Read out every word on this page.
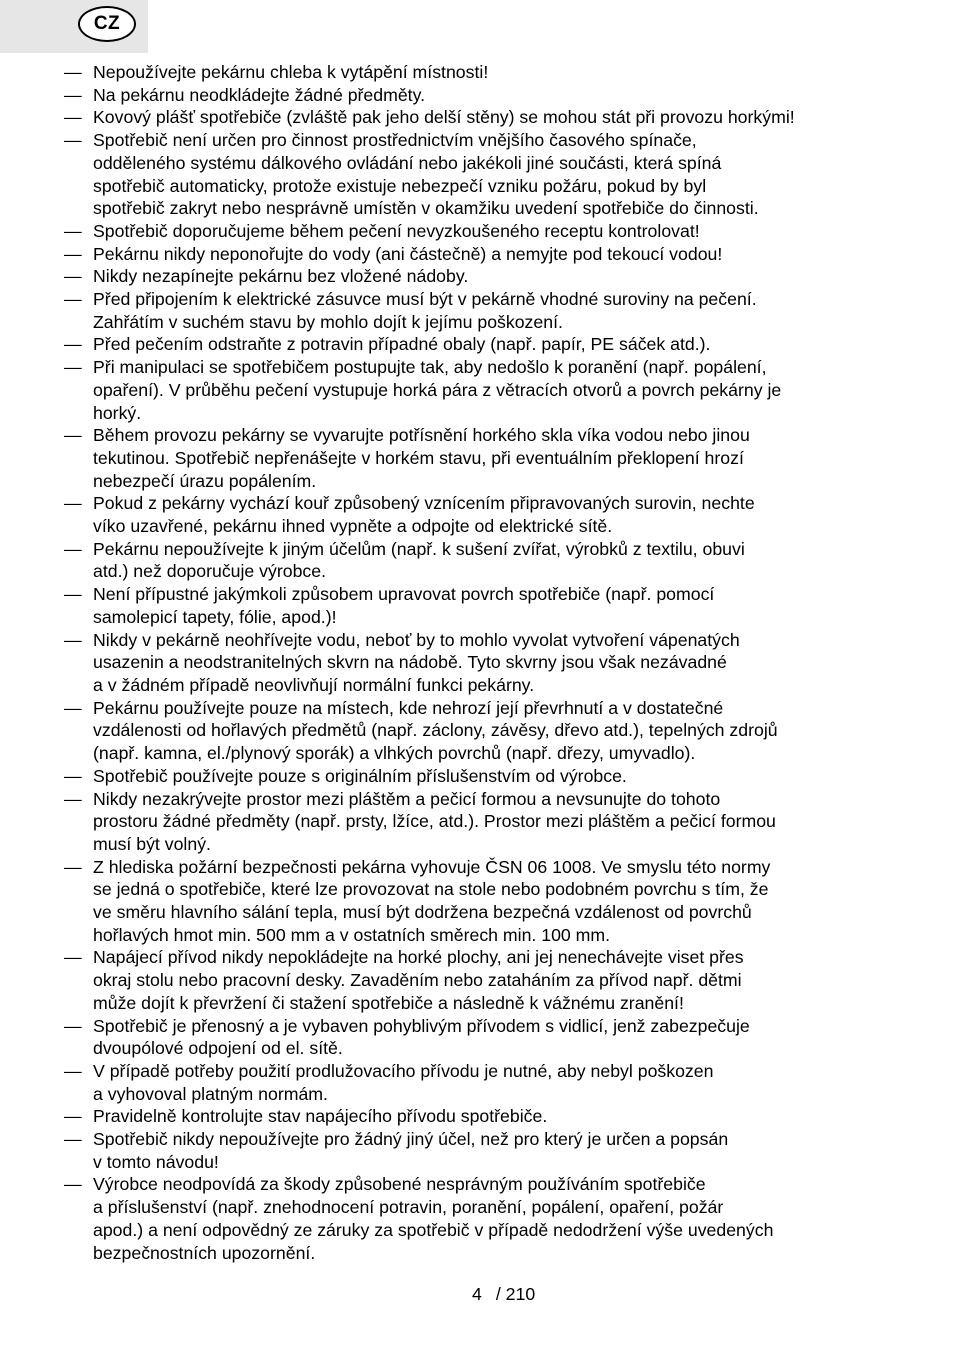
CZ
— Nepoužívejte pekárnu chleba k vytápění místnosti!
— Na pekárnu neodkládejte žádné předměty.
— Kovový plášť spotřebiče (zvláště pak jeho delší stěny) se mohou stát při provozu horkými!
— Spotřebič není určen pro činnost prostřednictvím vnějšího časového spínače,
odděleného systému dálkového ovládání nebo jakékoli jiné součásti, která spíná
spotřebič automaticky, protože existuje nebezpečí vzniku požáru, pokud by byl
spotřebič zakryt nebo nesprávně umístěn v okamžiku uvedení spotřebiče do činnosti.
— Spotřebič doporučujeme během pečení nevyzkoušeného receptu kontrolovat!
— Pekárnu nikdy neponořujte do vody (ani částečně) a nemyjte pod tekoucí vodou!
— Nikdy nezapínejte pekárnu bez vložené nádoby.
— Před připojením k elektrické zásuvce musí být v pekárně vhodné suroviny na pečení.
Zahřátím v suchém stavu by mohlo dojít k jejímu poškození.
— Před pečením odstraňte z potravin případné obaly (např. papír, PE sáček atd.).
— Při manipulaci se spotřebičem postupujte tak, aby nedošlo k poranění (např. popálení,
opaření). V průběhu pečení vystupuje horká pára z větracích otvorů a povrch pekárny je
horký.
— Během provozu pekárny se vyvarujte potřísnění horkého skla víka vodou nebo jinou
tekutinou. Spotřebič nepřenášejte v horkém stavu, při eventuálním překlopení hrozí
nebezpečí úrazu popálením.
— Pokud z pekárny vychází kouř způsobený vznícením připravovaných surovin, nechte
víko uzavřené, pekárnu ihned vypněte a odpojte od elektrické sítě.
— Pekárnu nepoužívejte k jiným účelům (např. k sušení zvířat, výrobků z textilu, obuvi
atd.) než doporučuje výrobce.
— Není přípustné jakýmkoli způsobem upravovat povrch spotřebiče (např. pomocí
samolepicí tapety, fólie, apod.)!
— Nikdy v pekárně neohřívejte vodu, neboť by to mohlo vyvolat vytvoření vápenatých
usazenin a neodstranitelných skvrn na nádobě. Tyto skvrny jsou však nezávadné
a v žádném případě neovlivňují normální funkci pekárny.
— Pekárnu používejte pouze na místech, kde nehrozí její převrhnutí a v dostatečné
vzdálenosti od hořlavých předmětů (např. záclony, závěsy, dřevo atd.), tepelných zdrojů
(např. kamna, el./plynový sporák) a vlhkých povrchů (např. dřezy, umyvadlo).
— Spotřebič používejte pouze s originálním příslušenstvím od výrobce.
— Nikdy nezakrývejte prostor mezi pláštěm a pečicí formou a nevsunujte do tohoto
prostoru žádné předměty (např. prsty, lžíce, atd.). Prostor mezi pláštěm a pečicí formou
musí být volný.
— Z hlediska požární bezpečnosti pekárna vyhovuje ČSN 06 1008. Ve smyslu této normy
se jedná o spotřebiče, které lze provozovat na stole nebo podobném povrchu s tím, že
ve směru hlavního sálání tepla, musí být dodržena bezpečná vzdálenost od povrchů
hořlavých hmot min. 500 mm a v ostatních směrech min. 100 mm.
— Napájecí přívod nikdy nepokládejte na horké plochy, ani jej nenechávejte viset přes
okraj stolu nebo pracovní desky. Zavaděním nebo zataháním za přívod např. dětmi
může dojít k převržení či stažení spotřebiče a následně k vážnému zranění!
— Spotřebič je přenosný a je vybaven pohyblivým přívodem s vidlicí, jenž zabezpečuje
dvoupólové odpojení od el. sítě.
— V případě potřeby použití prodlužovacího přívodu je nutné, aby nebyl poškozen
a vyhovoval platným normám.
— Pravidelně kontrolujte stav napájecího přívodu spotřebiče.
— Spotřebič nikdy nepoužívejte pro žádný jiný účel, než pro který je určen a popsán
v tomto návodu!
— Výrobce neodpovídá za škody způsobené nesprávným používáním spotřebiče
a příslušenství (např. znehodnocení potravin, poranění, popálení, opaření, požár
apod.) a není odpovědný ze záruky za spotřebič v případě nedodržení výše uvedených
bezpečnostních upozornění.
4 / 210
